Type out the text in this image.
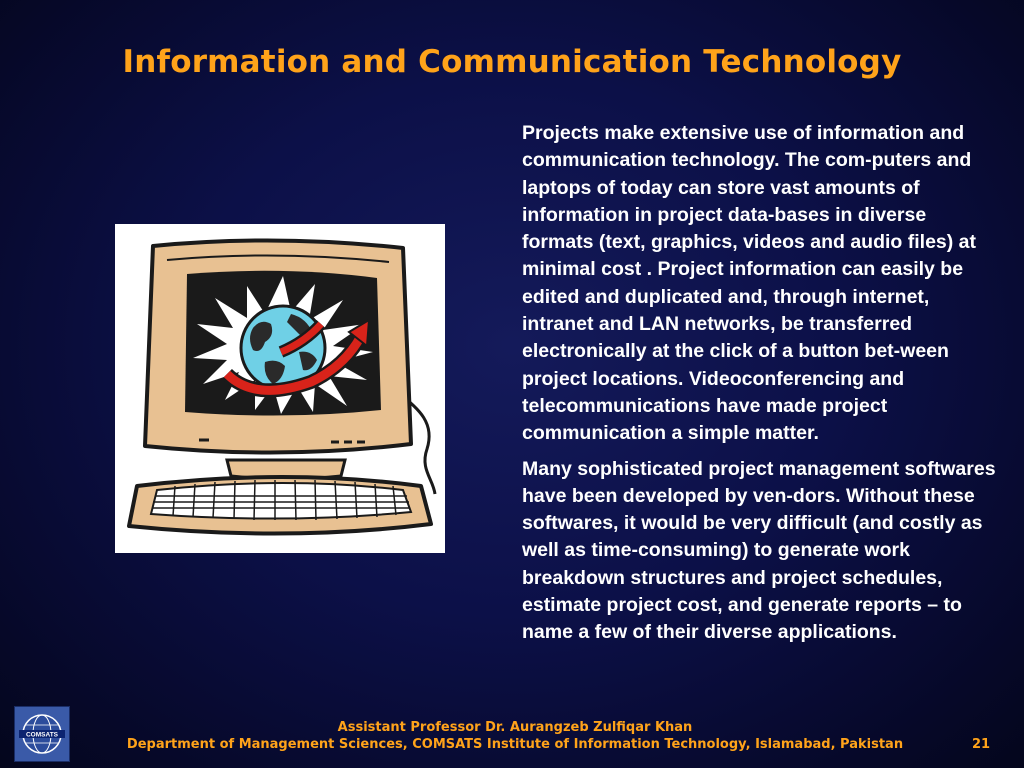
Information and Communication Technology

Projects make extensive use of information and communication technology. The com-puters and laptops of today can store vast amounts of information in project data-bases in diverse formats (text, graphics, videos and audio files) at minimal cost . Project information can easily be edited and duplicated and, through internet, intranet and LAN networks, be transferred electronically at the click of a button bet-ween project locations. Videoconferencing and telecommunications have made project communication a simple matter.

Many sophisticated project management softwares have been developed by ven-dors. Without these softwares, it would be very difficult (and costly as well as time-consuming) to generate work breakdown structures and project schedules, estimate project cost, and generate reports – to name a few of their diverse applications.

COMSATS	Assistant Professor Dr. Aurangzeb Zulfiqar Khan
Department of Management Sciences, COMSATS Institute of Information Technology, Islamabad, Pakistan	21
